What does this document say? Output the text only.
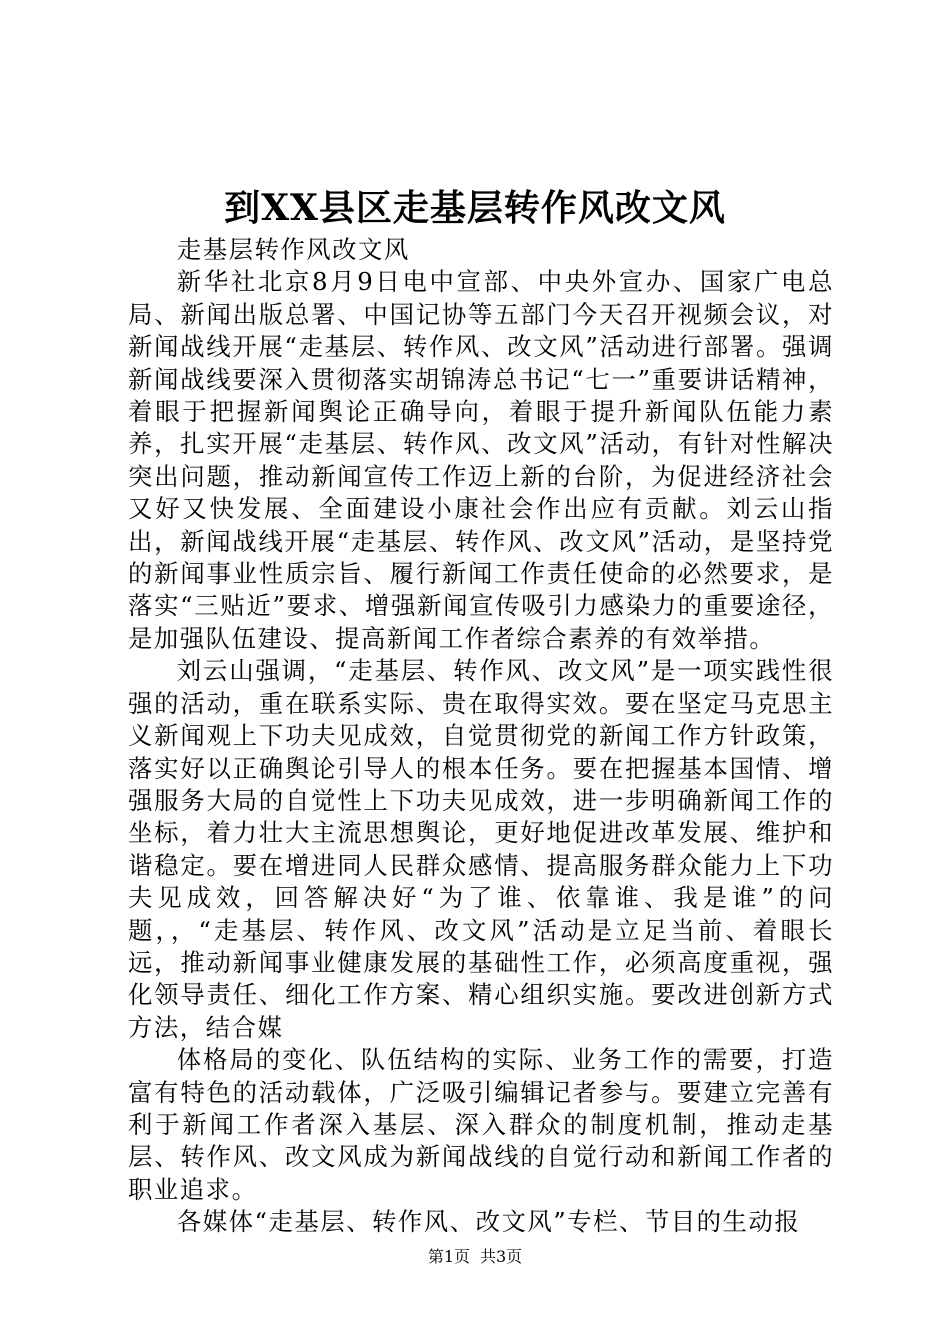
到XX县区走基层转作风改文风

走基层转作风改文风

新华社北京8月9日电中宣部、中央外宣办、国家广电总局、新闻出版总署、中国记协等五部门今天召开视频会议，对新闻战线开展“走基层、转作风、改文风”活动进行部署。强调新闻战线要深入贯彻落实胡锦涛总书记“七一”重要讲话精神，着眼于把握新闻舆论正确导向，着眼于提升新闻队伍能力素养，扎实开展“走基层、转作风、改文风”活动，有针对性解决突出问题，推动新闻宣传工作迈上新的台阶，为促进经济社会又好又快发展、全面建设小康社会作出应有贡献。刘云山指出，新闻战线开展“走基层、转作风、改文风”活动，是坚持党的新闻事业性质宗旨、履行新闻工作责任使命的必然要求，是落实“三贴近”要求、增强新闻宣传吸引力感染力的重要途径，是加强队伍建设、提高新闻工作者综合素养的有效举措。

刘云山强调，“走基层、转作风、改文风”是一项实践性很强的活动，重在联系实际、贵在取得实效。要在坚定马克思主义新闻观上下功夫见成效，自觉贯彻党的新闻工作方针政策，落实好以正确舆论引导人的根本任务。要在把握基本国情、增强服务大局的自觉性上下功夫见成效，进一步明确新闻工作的坐标，着力壮大主流思想舆论，更好地促进改革发展、维护和谐稳定。要在增进同人民群众感情、提高服务群众能力上下功夫见成效，回答解决好“为了谁、依靠谁、我是谁”的问题，，“走基层、转作风、改文风”活动是立足当前、着眼长远，推动新闻事业健康发展的基础性工作，必须高度重视，强化领导责任、细化工作方案、精心组织实施。要改进创新方式方法，结合媒

体格局的变化、队伍结构的实际、业务工作的需要，打造富有特色的活动载体，广泛吸引编辑记者参与。要建立完善有利于新闻工作者深入基层、深入群众的制度机制，推动走基层、转作风、改文风成为新闻战线的自觉行动和新闻工作者的职业追求。

各媒体“走基层、转作风、改文风”专栏、节目的生动报

第1页 共3页
